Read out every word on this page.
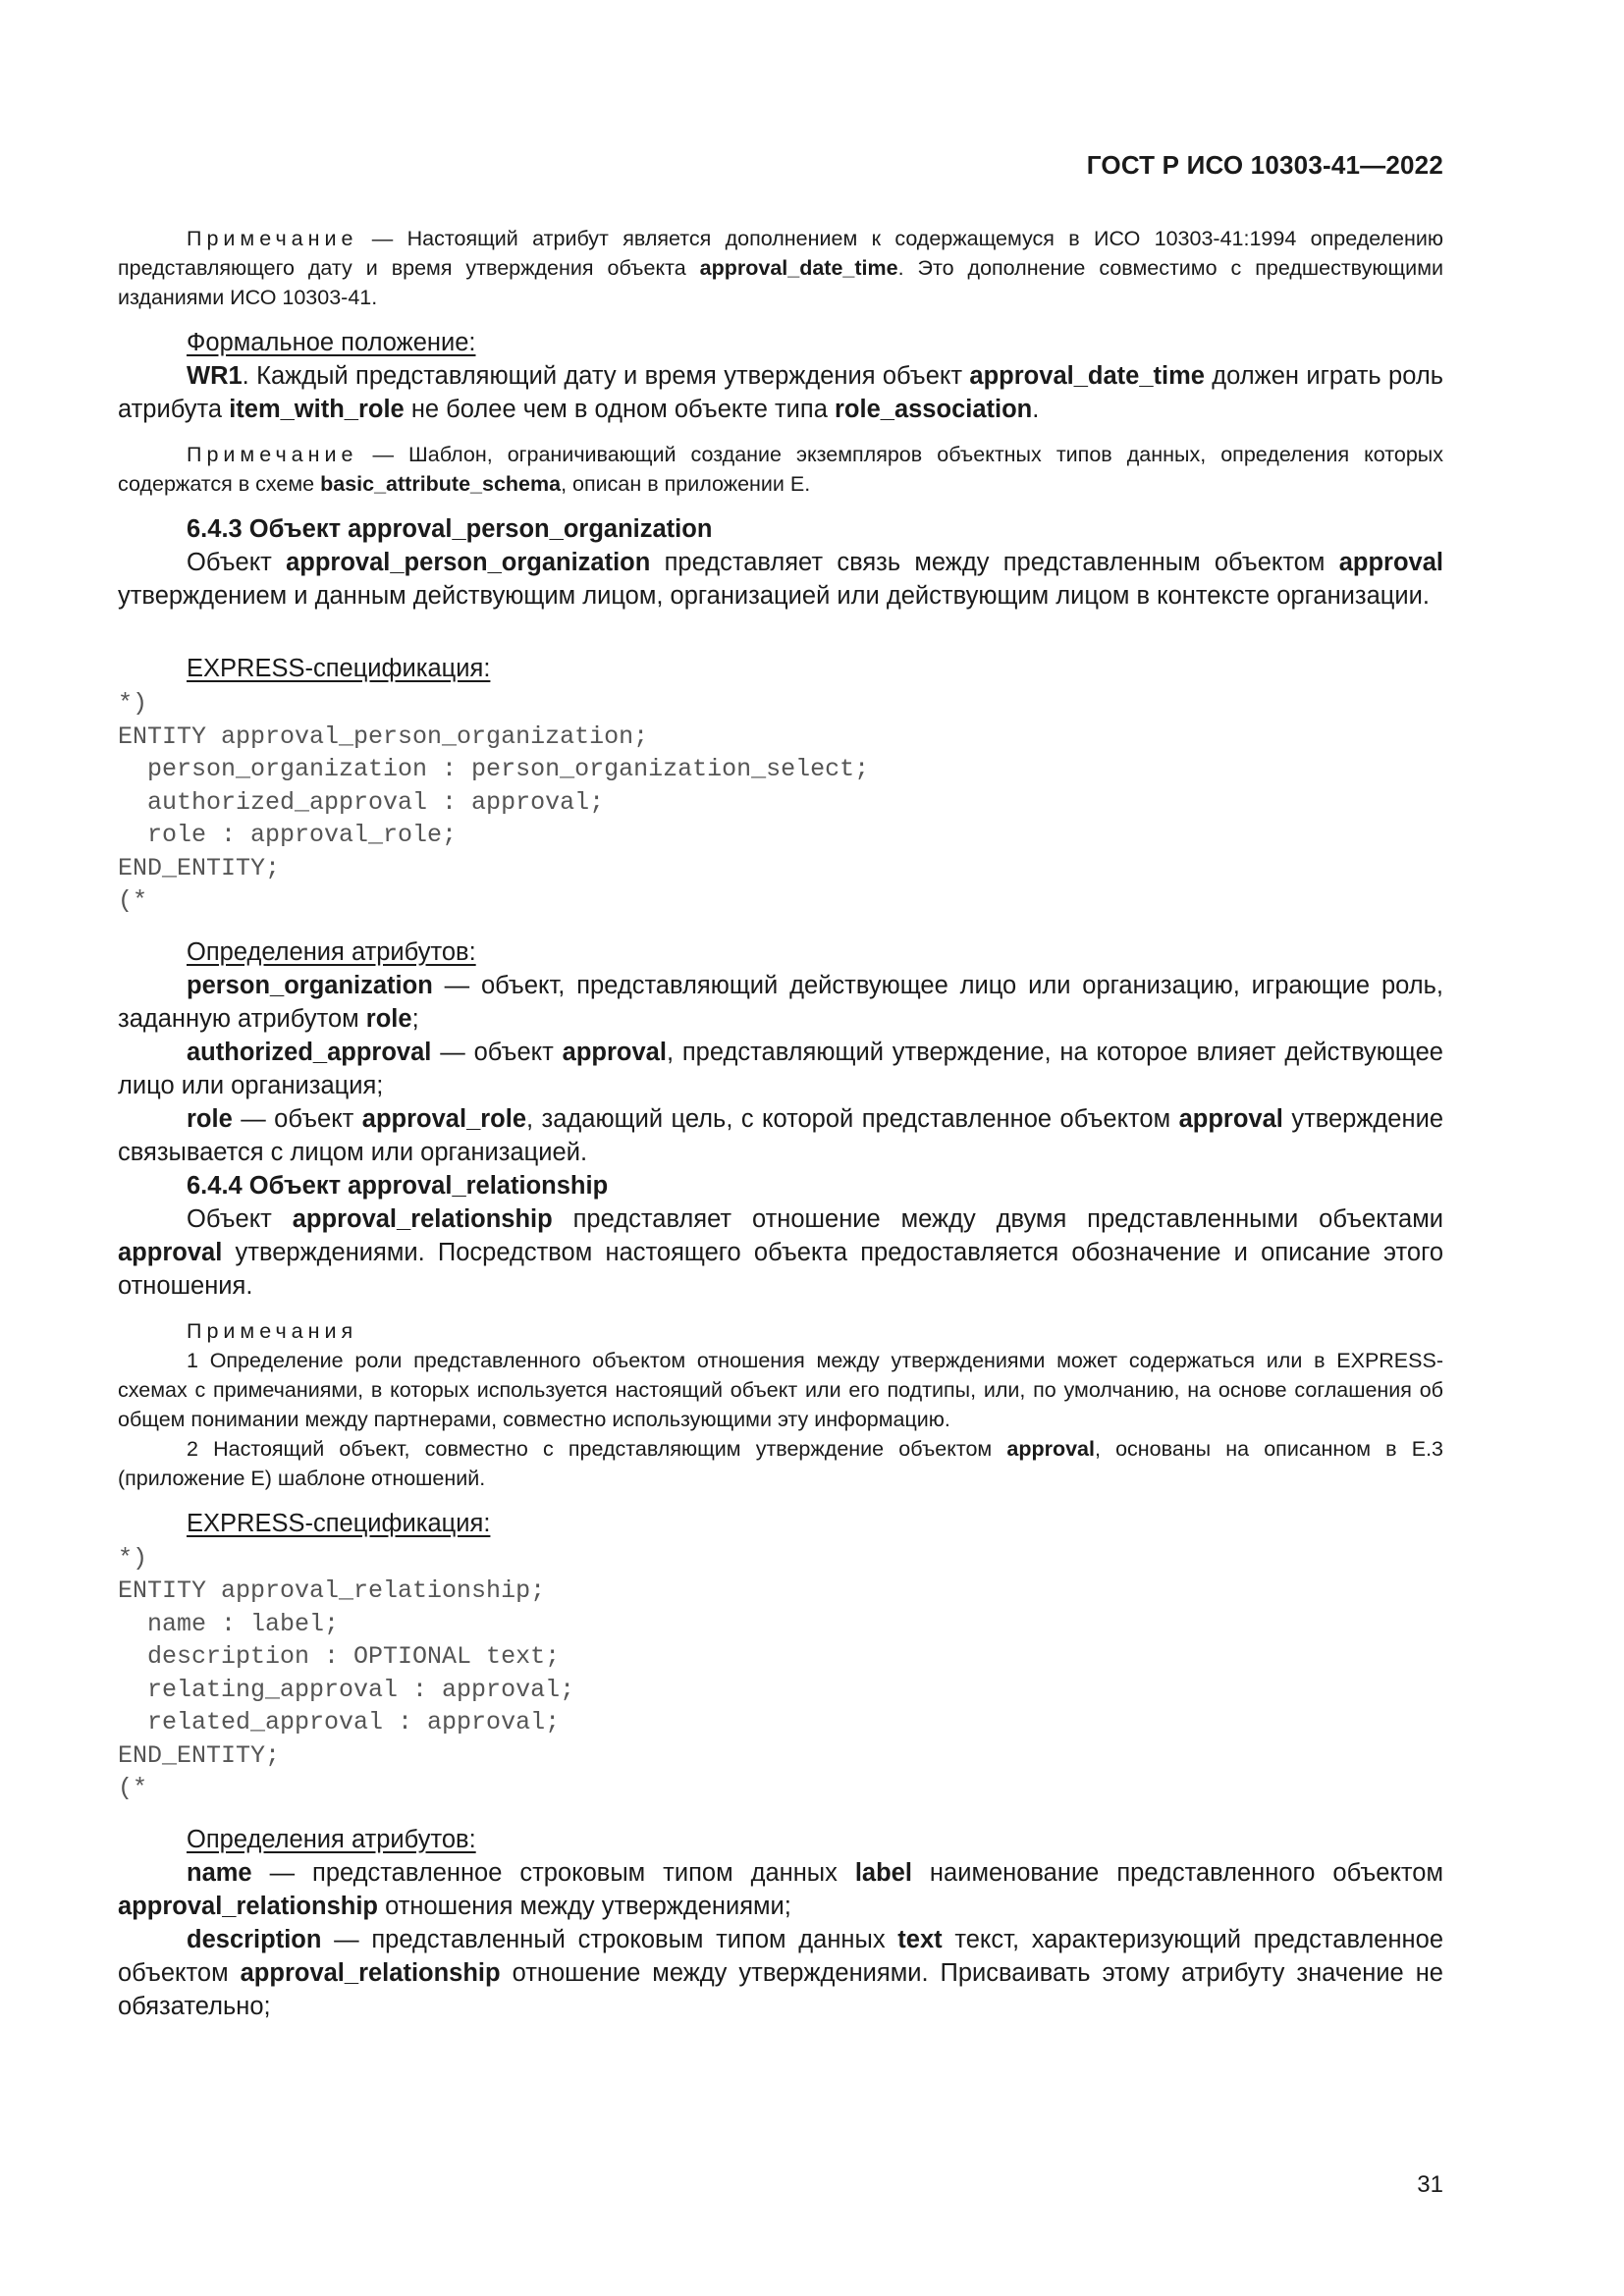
ГОСТ Р ИСО 10303-41—2022

Примечание — Настоящий атрибут является дополнением к содержащемуся в ИСО 10303-41:1994 определению представляющего дату и время утверждения объекта approval_date_time. Это дополнение совместимо с предшествующими изданиями ИСО 10303-41.

Формальное положение:

WR1. Каждый представляющий дату и время утверждения объект approval_date_time должен играть роль атрибута item_with_role не более чем в одном объекте типа role_association.

Примечание — Шаблон, ограничивающий создание экземпляров объектных типов данных, определения которых содержатся в схеме basic_attribute_schema, описан в приложении Е.

6.4.3 Объект approval_person_organization

Объект approval_person_organization представляет связь между представленным объектом approval утверждением и данным действующим лицом, организацией или действующим лицом в контексте организации.

EXPRESS-спецификация:
*)
ENTITY approval_person_organization;
person_organization : person_organization_select;
authorized_approval : approval;
role : approval_role;
END_ENTITY;
(*
Определения атрибутов:

person_organization — объект, представляющий действующее лицо или организацию, играющие роль, заданную атрибутом role;

authorized_approval — объект approval, представляющий утверждение, на которое влияет действующее лицо или организация;

role — объект approval_role, задающий цель, с которой представленное объектом approval утверждение связывается с лицом или организацией.

6.4.4 Объект approval_relationship

Объект approval_relationship представляет отношение между двумя представленными объектами approval утверждениями. Посредством настоящего объекта предоставляется обозначение и описание этого отношения.

Примечания

1 Определение роли представленного объектом отношения между утверждениями может содержаться или в EXPRESS-схемах с примечаниями, в которых используется настоящий объект или его подтипы, или, по умолчанию, на основе соглашения об общем понимании между партнерами, совместно использующими эту информацию.

2 Настоящий объект, совместно с представляющим утверждение объектом approval, основаны на описанном в Е.3 (приложение Е) шаблоне отношений.

EXPRESS-спецификация:
*)
ENTITY approval_relationship;
name : label;
description : OPTIONAL text;
relating_approval : approval;
related_approval : approval;
END_ENTITY;
(*
Определения атрибутов:

name — представленное строковым типом данных label наименование представленного объектом approval_relationship отношения между утверждениями;

description — представленный строковым типом данных text текст, характеризующий представленное объектом approval_relationship отношение между утверждениями. Присваивать этому атрибуту значение не обязательно;

31
